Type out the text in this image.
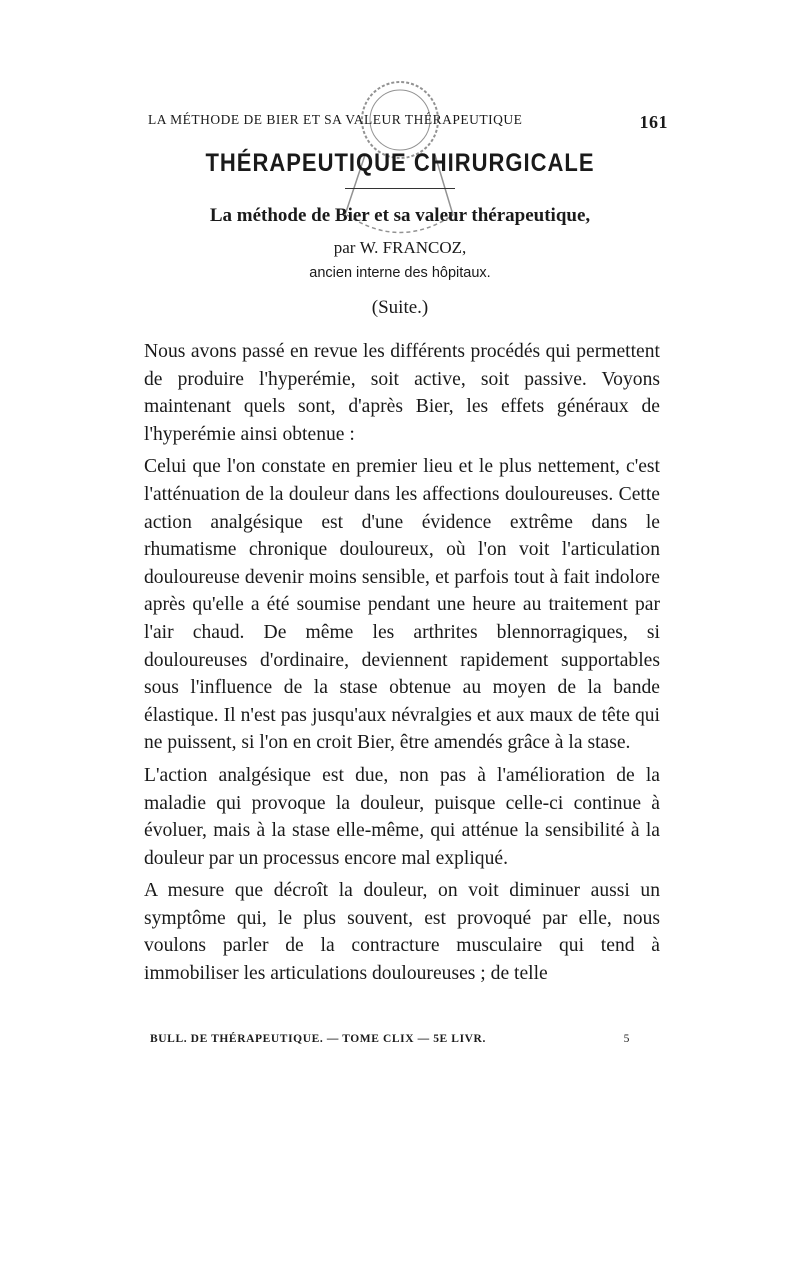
LA MÉTHODE DE BIER ET SA VALEUR THÉRAPEUTIQUE	161
THÉRAPEUTIQUE CHIRURGICALE
La méthode de Bier et sa valeur thérapeutique,
par W. FRANCOZ,
ancien interne des hôpitaux.
(Suite.)

Nous avons passé en revue les différents procédés qui permettent de produire l'hyperémie, soit active, soit passive. Voyons maintenant quels sont, d'après Bier, les effets généraux de l'hyperémie ainsi obtenue :

Celui que l'on constate en premier lieu et le plus nettement, c'est l'atténuation de la douleur dans les affections douloureuses. Cette action analgésique est d'une évidence extrême dans le rhumatisme chronique douloureux, où l'on voit l'articulation douloureuse devenir moins sensible, et parfois tout à fait indolore après qu'elle a été soumise pendant une heure au traitement par l'air chaud. De même les arthrites blennorragiques, si douloureuses d'ordinaire, deviennent rapidement supportables sous l'influence de la stase obtenue au moyen de la bande élastique. Il n'est pas jusqu'aux névralgies et aux maux de tête qui ne puissent, si l'on en croit Bier, être amendés grâce à la stase.

L'action analgésique est due, non pas à l'amélioration de la maladie qui provoque la douleur, puisque celle-ci continue à évoluer, mais à la stase elle-même, qui atténue la sensibilité à la douleur par un processus encore mal expliqué.

A mesure que décroît la douleur, on voit diminuer aussi un symptôme qui, le plus souvent, est provoqué par elle, nous voulons parler de la contracture musculaire qui tend à immobiliser les articulations douloureuses ; de telle

BULL. DE THÉRAPEUTIQUE. — TOME CLIX — 5E LIVR.	5
